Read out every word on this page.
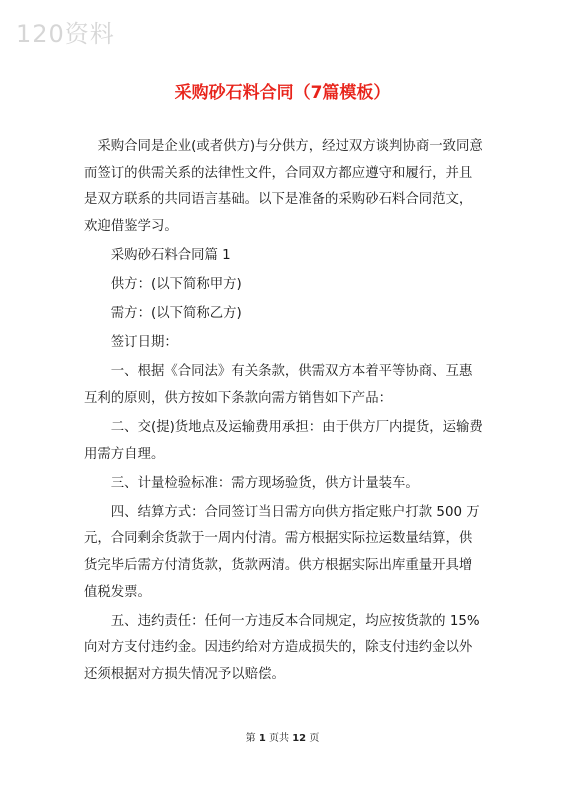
120资料
采购砂石料合同（7篇模板）

采购合同是企业(或者供方)与分供方，经过双方谈判协商一致同意而签订的供需关系的法律性文件，合同双方都应遵守和履行，并且是双方联系的共同语言基础。以下是准备的采购砂石料合同范文，欢迎借鉴学习。

采购砂石料合同篇 1

供方：(以下简称甲方)

需方：(以下简称乙方)

签订日期：

一、根据《合同法》有关条款，供需双方本着平等协商、互惠互利的原则，供方按如下条款向需方销售如下产品：

二、交(提)货地点及运输费用承担：由于供方厂内提货，运输费用需方自理。

三、计量检验标准：需方现场验货，供方计量装车。

四、结算方式：合同签订当日需方向供方指定账户打款 500 万元，合同剩余货款于一周内付清。需方根据实际拉运数量结算，供货完毕后需方付清货款，货款两清。供方根据实际出库重量开具增值税发票。

五、违约责任：任何一方违反本合同规定，均应按货款的 15%向对方支付违约金。因违约给对方造成损失的，除支付违约金以外还须根据对方损失情况予以赔偿。

第 1 页共 12 页
